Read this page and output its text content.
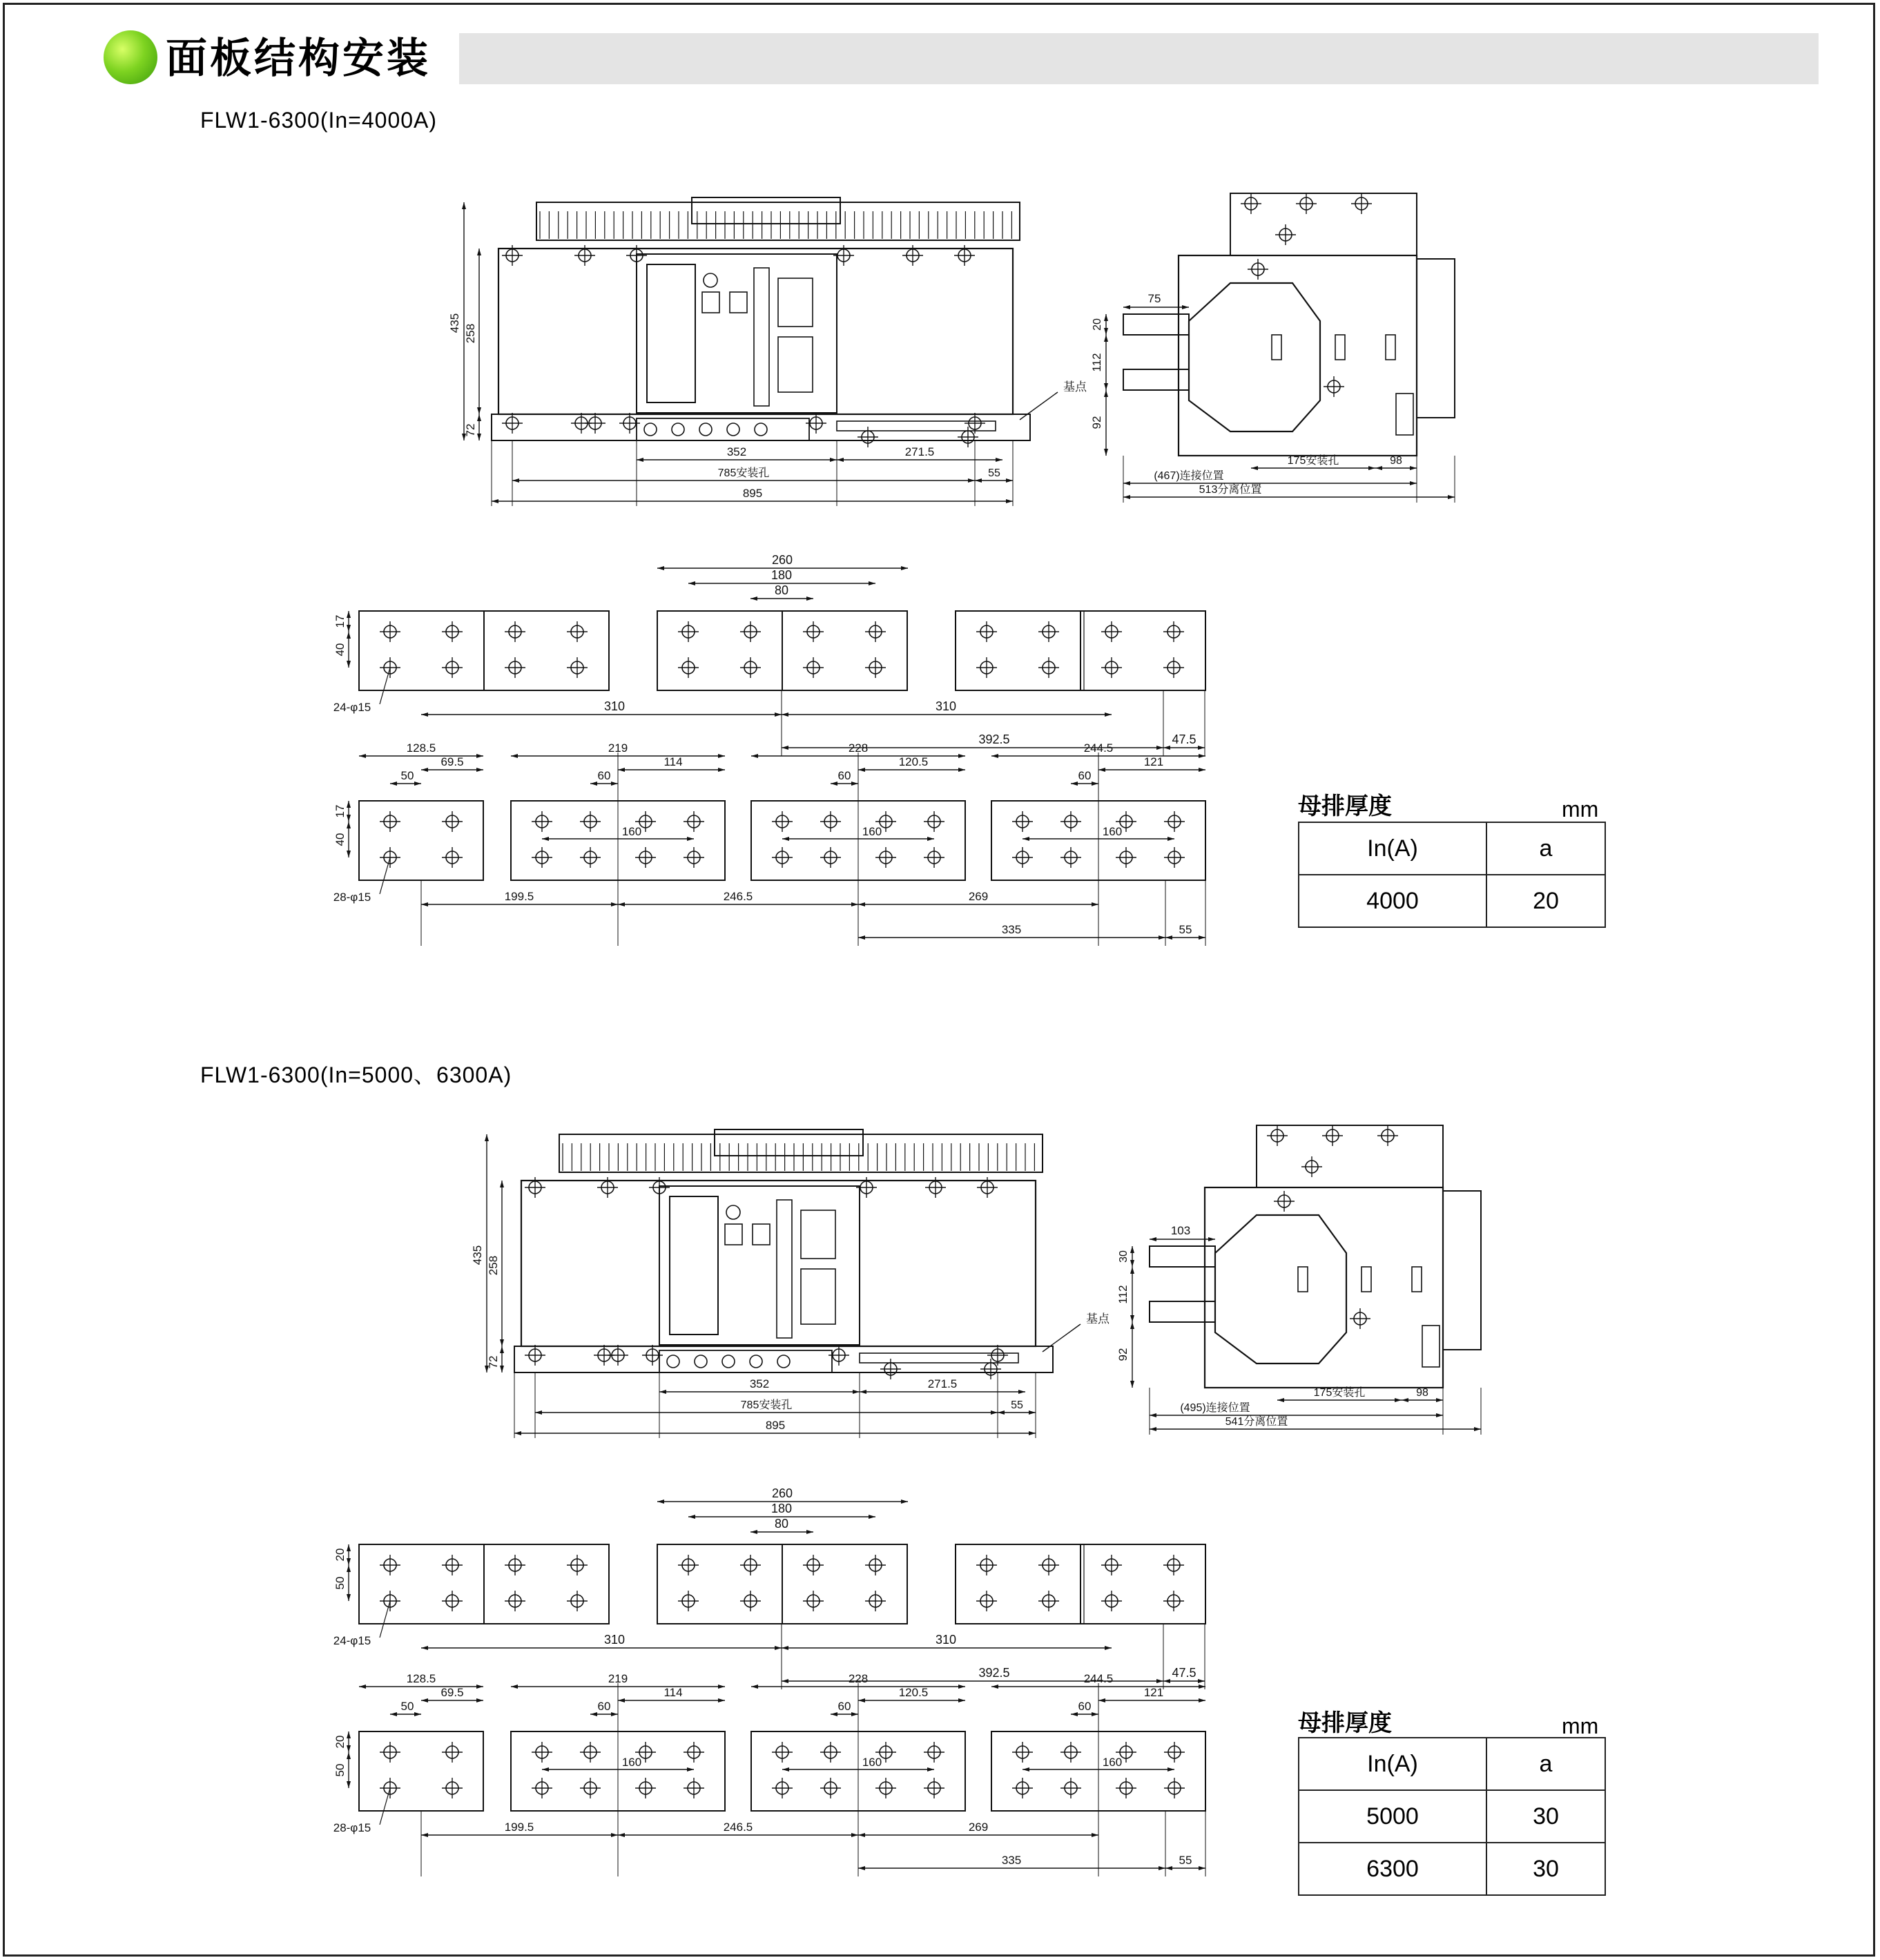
面板结构安装
FLW1-6300(In=4000A)
FLW1-6300(In=5000、6300A)
基点
435
258
72
352	271.5
785安装孔	55
895
75
20
112
92
175安装孔	98
(467)连接位置
513分离位置
260
180
80
17
40
310	310
392.5	47.5
24-φ15
128.5
69.5
50
219
114
60
160
228
120.5
60
160
244.5
121
60
160
17
40
199.5	246.5	269
335	55
28-φ15
基点
435
258
72
352	271.5
785安装孔	55
895
103
30
112
92
175安装孔	98
(495)连接位置
541分离位置
260
180
80
20
50
310	310
392.5	47.5
24-φ15
128.5
69.5
50
219
114
60
160
228
120.5
60
160
244.5
121
60
160
20
50
199.5	246.5	269
335	55
28-φ15
母排厚度	mm
In(A)	a
4000	20
母排厚度	mm
In(A)	a
5000	30
6300	30
